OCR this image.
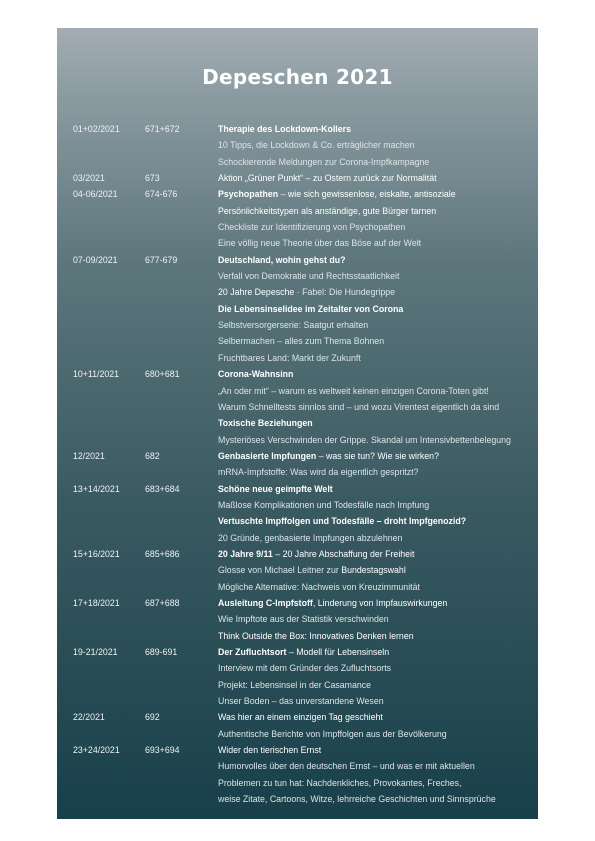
Depeschen 2021
01+02/2021	671+672	Therapie des Lockdown-Kollers
10 Tipps, die Lockdown & Co. erträglicher machen
Schockierende Meldungen zur Corona-Impfkampagne
03/2021	673	Aktion „Grüner Punkt“ – zu Ostern zurück zur Normalität
04-06/2021	674-676	Psychopathen – wie sich gewissenlose, eiskalte, antisoziale
Persönlichkeitstypen als anständige, gute Bürger tarnen
Checkliste zur Identifizierung von Psychopathen
Eine völlig neue Theorie über das Böse auf der Welt
07-09/2021	677-679	Deutschland, wohin gehst du?
Verfall von Demokratie und Rechtsstaatlichkeit
20 Jahre Depesche · Fabel: Die Hundegrippe
Die Lebensinselidee im Zeitalter von Corona
Selbstversorgerserie: Saatgut erhalten
Selbermachen – alles zum Thema Bohnen
Fruchtbares Land: Markt der Zukunft
10+11/2021	680+681	Corona-Wahnsinn
„An oder mit“ – warum es weltweit keinen einzigen Corona-Toten gibt!
Warum Schnelltests sinnlos sind – und wozu Virentest eigentlich da sind
Toxische Beziehungen
Mysteriöses Verschwinden der Grippe. Skandal um Intensivbettenbelegung
12/2021	682	Genbasierte Impfungen – was sie tun? Wie sie wirken?
mRNA-Impfstoffe: Was wird da eigentlich gespritzt?
13+14/2021	683+684	Schöne neue geimpfte Welt
Maßlose Komplikationen und Todesfälle nach Impfung
Vertuschte Impffolgen und Todesfälle – droht Impfgenozid?
20 Gründe, genbasierte Impfungen abzulehnen
15+16/2021	685+686	20 Jahre 9/11 – 20 Jahre Abschaffung der Freiheit
Glosse von Michael Leitner zur Bundestagswahl
Mögliche Alternative: Nachweis von Kreuzimmunität
17+18/2021	687+688	Ausleitung C-Impfstoff, Linderung von Impfauswirkungen
Wie Impftote aus der Statistik verschwinden
Think Outside the Box: Innovatives Denken lernen
19-21/2021	689-691	Der Zufluchtsort – Modell für Lebensinseln
Interview mit dem Gründer des Zufluchtsorts
Projekt: Lebensinsel in der Casamance
Unser Boden – das unverstandene Wesen
22/2021	692	Was hier an einem einzigen Tag geschieht
Authentische Berichte von Impffolgen aus der Bevölkerung
23+24/2021	693+694	Wider den tierischen Ernst
Humorvolles über den deutschen Ernst – und was er mit aktuellen
Problemen zu tun hat: Nachdenkliches, Provokantes, Freches,
weise Zitate, Cartoons, Witze, lehrreiche Geschichten und Sinnsprüche
